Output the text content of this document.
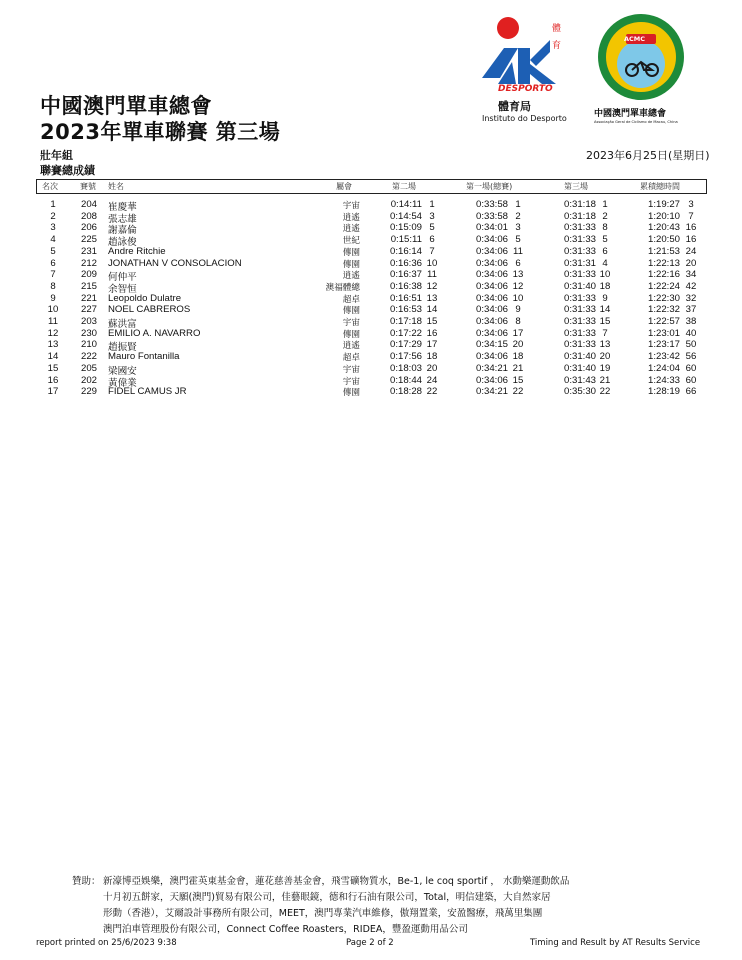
中國澳門單車總會
2023年單車聯賽 第三場
壯年組
聯賽總成績
2023年6月25日(星期日)
體
育
DESPORTO
體育局
Instituto do Desporto
ACMC
中國澳門單車總會
Associação Geral de Ciclismo de Macau, China
名次	賽號 姓名	屬會	第二場	第一場(總賽)	第三場	累積總時間
1	204	崔慶華	宇宙	0:14:11 1	0:33:58 1	0:31:18 1	1:19:27 3
2	208	張志雄	逍遙	0:14:54 3	0:33:58 2	0:31:18 2	1:20:10 7
3	206	謝嘉倫	逍遙	0:15:09 5	0:34:01 3	0:31:33 8	1:20:43 16
4	225	趙詠俊	世紀	0:15:11 6	0:34:06 5	0:31:33 5	1:20:50 16
5	231	Andre Ritchie	傳園	0:16:14 7	0:34:06 11	0:31:33 6	1:21:53 24
6	212	JONATHAN V CONSOLACION	傳園	0:16:36 10	0:34:06 6	0:31:31 4	1:22:13 20
7	209	何仲平	逍遙	0:16:37 11	0:34:06 13	0:31:33 10	1:22:16 34
8	215	余智恒	澳福體總	0:16:38 12	0:34:06 12	0:31:40 18	1:22:24 42
9	221	Leopoldo Dulatre	超卓	0:16:51 13	0:34:06 10	0:31:33 9	1:22:30 32
10	227	NOEL CABREROS	傳園	0:16:53 14	0:34:06 9	0:31:33 14	1:22:32 37
11	203	蘇洪富	宇宙	0:17:18 15	0:34:06 8	0:31:33 15	1:22:57 38
12	230	EMILIO A. NAVARRO	傳園	0:17:22 16	0:34:06 17	0:31:33 7	1:23:01 40
13	210	趙振賢	逍遙	0:17:29 17	0:34:15 20	0:31:33 13	1:23:17 50
14	222	Mauro Fontanilla	超卓	0:17:56 18	0:34:06 18	0:31:40 20	1:23:42 56
15	205	梁國安	宇宙	0:18:03 20	0:34:21 21	0:31:40 19	1:24:04 60
16	202	黃偉業	宇宙	0:18:44 24	0:34:06 15	0:31:43 21	1:24:33 60
17	229	FIDEL CAMUS JR	傳園	0:18:28 22	0:34:21 22	0:35:30 22	1:28:19 66
贊助： 新濠博亞娛樂，澳門霍英東基金會，蓮花慈善基金會，飛雪礦物質水，Be-1, le coq sportif ， 水動樂運動飲品
十月初五餅家，天願(澳門)貿易有限公司，佳藝眼鏡，德和行石油有限公司，Total，明信建築，大自然家居
形動（香港），艾爾設計事務所有限公司，MEET，澳門專業汽車維修，傲翔置業，安盈醫療，飛萬里集團
澳門泊車管理股份有限公司，Connect Coffee Roasters，RIDEA，豐盈運動用品公司
report printed on 25/6/2023 9:38	Page 2 of 2	Timing and Result by AT Results Service
